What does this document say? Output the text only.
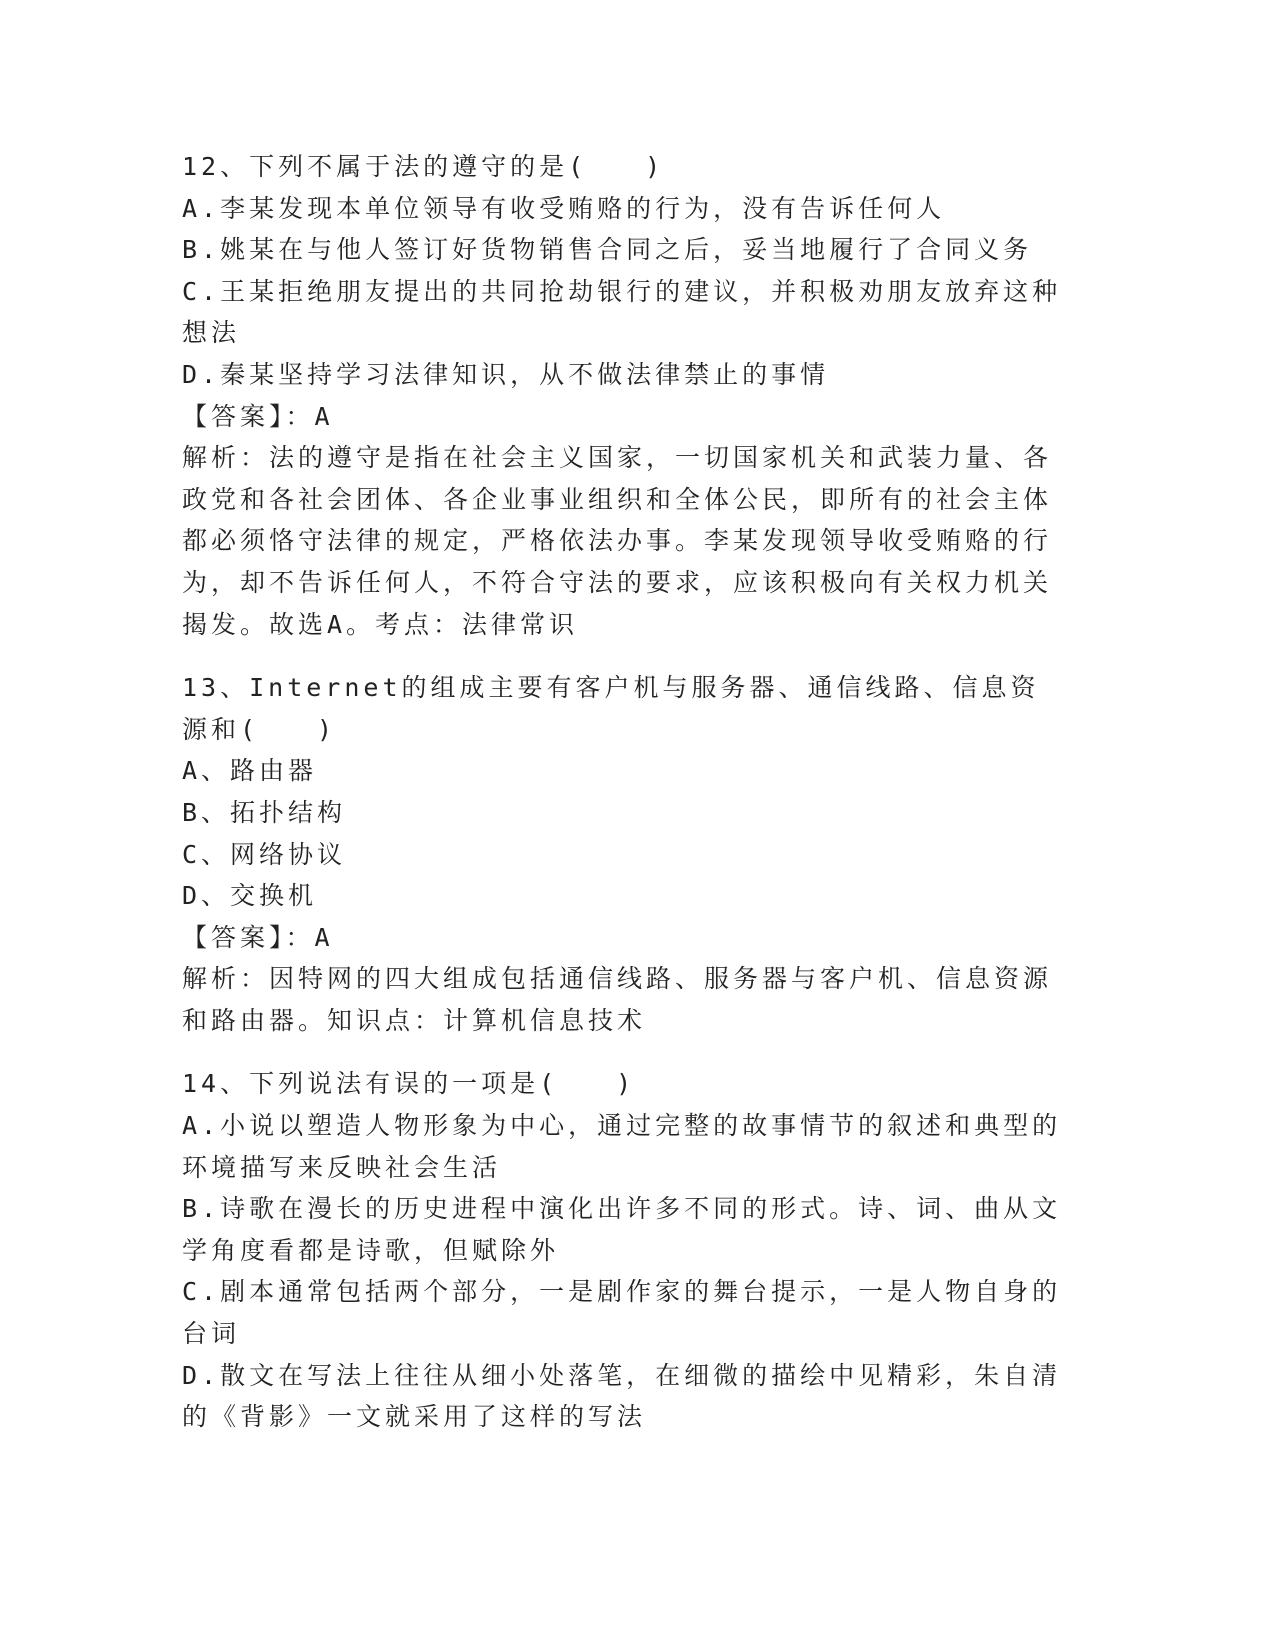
12、下列不属于法的遵守的是(　　)

A.李某发现本单位领导有收受贿赂的行为，没有告诉任何人

B.姚某在与他人签订好货物销售合同之后，妥当地履行了合同义务

C.王某拒绝朋友提出的共同抢劫银行的建议，并积极劝朋友放弃这种想法

D.秦某坚持学习法律知识，从不做法律禁止的事情

【答案】：A

解析：法的遵守是指在社会主义国家，一切国家机关和武装力量、各政党和各社会团体、各企业事业组织和全体公民，即所有的社会主体都必须恪守法律的规定，严格依法办事。李某发现领导收受贿赂的行为，却不告诉任何人，不符合守法的要求，应该积极向有关权力机关揭发。故选A。考点：法律常识

13、Internet的组成主要有客户机与服务器、通信线路、信息资源和(　　)

A、路由器

B、拓扑结构

C、网络协议

D、交换机

【答案】：A

解析：因特网的四大组成包括通信线路、服务器与客户机、信息资源和路由器。知识点：计算机信息技术

14、下列说法有误的一项是(　　)

A.小说以塑造人物形象为中心，通过完整的故事情节的叙述和典型的环境描写来反映社会生活

B.诗歌在漫长的历史进程中演化出许多不同的形式。诗、词、曲从文学角度看都是诗歌，但赋除外

C.剧本通常包括两个部分，一是剧作家的舞台提示，一是人物自身的台词

D.散文在写法上往往从细小处落笔，在细微的描绘中见精彩，朱自清的《背影》一文就采用了这样的写法
